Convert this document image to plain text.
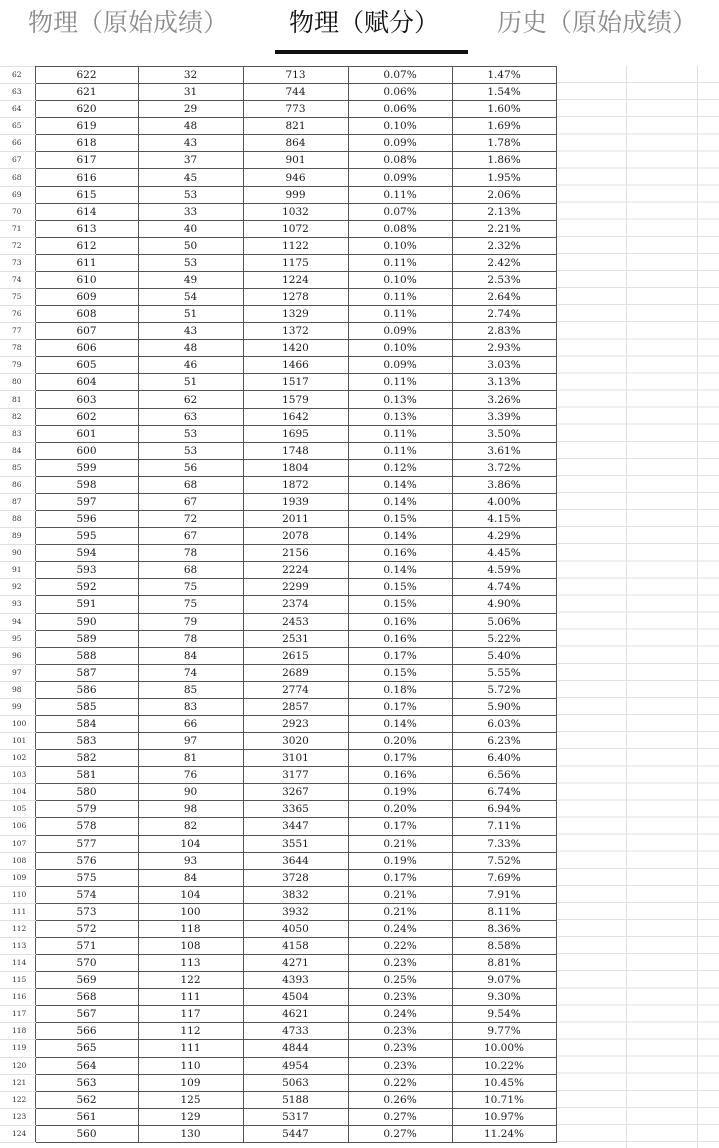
物理（原始成绩） 物理（赋分） 历史（原始成绩）
62	622	32	713	0.07%	1.47%
63	621	31	744	0.06%	1.54%
64	620	29	773	0.06%	1.60%
65	619	48	821	0.10%	1.69%
66	618	43	864	0.09%	1.78%
67	617	37	901	0.08%	1.86%
68	616	45	946	0.09%	1.95%
69	615	53	999	0.11%	2.06%
70	614	33	1032	0.07%	2.13%
71	613	40	1072	0.08%	2.21%
72	612	50	1122	0.10%	2.32%
73	611	53	1175	0.11%	2.42%
74	610	49	1224	0.10%	2.53%
75	609	54	1278	0.11%	2.64%
76	608	51	1329	0.11%	2.74%
77	607	43	1372	0.09%	2.83%
78	606	48	1420	0.10%	2.93%
79	605	46	1466	0.09%	3.03%
80	604	51	1517	0.11%	3.13%
81	603	62	1579	0.13%	3.26%
82	602	63	1642	0.13%	3.39%
83	601	53	1695	0.11%	3.50%
84	600	53	1748	0.11%	3.61%
85	599	56	1804	0.12%	3.72%
86	598	68	1872	0.14%	3.86%
87	597	67	1939	0.14%	4.00%
88	596	72	2011	0.15%	4.15%
89	595	67	2078	0.14%	4.29%
90	594	78	2156	0.16%	4.45%
91	593	68	2224	0.14%	4.59%
92	592	75	2299	0.15%	4.74%
93	591	75	2374	0.15%	4.90%
94	590	79	2453	0.16%	5.06%
95	589	78	2531	0.16%	5.22%
96	588	84	2615	0.17%	5.40%
97	587	74	2689	0.15%	5.55%
98	586	85	2774	0.18%	5.72%
99	585	83	2857	0.17%	5.90%
100	584	66	2923	0.14%	6.03%
101	583	97	3020	0.20%	6.23%
102	582	81	3101	0.17%	6.40%
103	581	76	3177	0.16%	6.56%
104	580	90	3267	0.19%	6.74%
105	579	98	3365	0.20%	6.94%
106	578	82	3447	0.17%	7.11%
107	577	104	3551	0.21%	7.33%
108	576	93	3644	0.19%	7.52%
109	575	84	3728	0.17%	7.69%
110	574	104	3832	0.21%	7.91%
111	573	100	3932	0.21%	8.11%
112	572	118	4050	0.24%	8.36%
113	571	108	4158	0.22%	8.58%
114	570	113	4271	0.23%	8.81%
115	569	122	4393	0.25%	9.07%
116	568	111	4504	0.23%	9.30%
117	567	117	4621	0.24%	9.54%
118	566	112	4733	0.23%	9.77%
119	565	111	4844	0.23%	10.00%
120	564	110	4954	0.23%	10.22%
121	563	109	5063	0.22%	10.45%
122	562	125	5188	0.26%	10.71%
123	561	129	5317	0.27%	10.97%
124	560	130	5447	0.27%	11.24%
